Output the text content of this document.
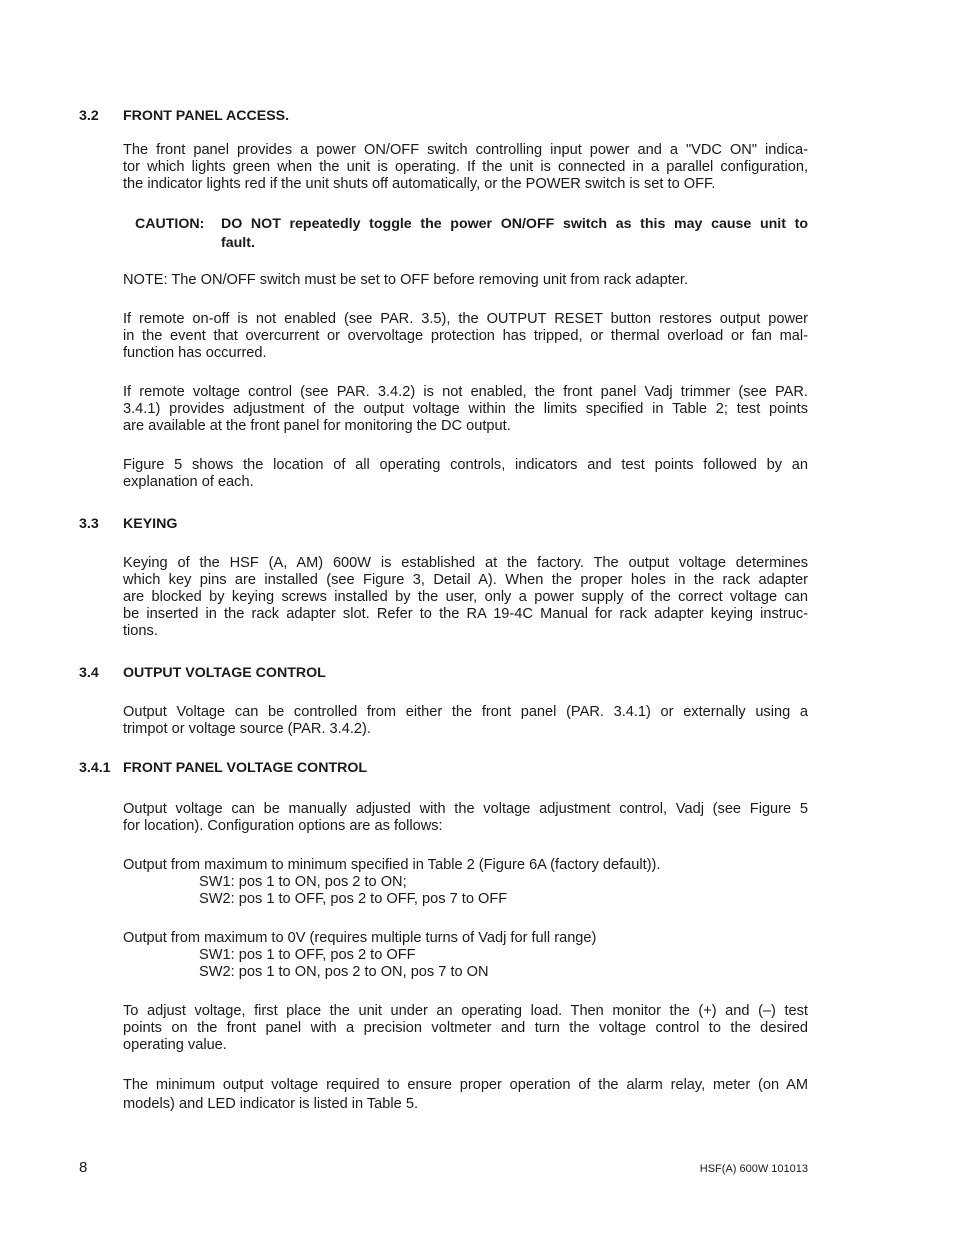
3.2 FRONT PANEL ACCESS.
The front panel provides a power ON/OFF switch controlling input power and a "VDC ON" indica-
tor which lights green when the unit is operating. If the unit is connected in a parallel configuration,
the indicator lights red if the unit shuts off automatically, or the POWER switch is set to OFF.
CAUTION: DO NOT repeatedly toggle the power ON/OFF switch as this may cause unit to
fault.
NOTE: The ON/OFF switch must be set to OFF before removing unit from rack adapter.
If remote on-off is not enabled (see PAR. 3.5), the OUTPUT RESET button restores output power
in the event that overcurrent or overvoltage protection has tripped, or thermal overload or fan mal-
function has occurred.
If remote voltage control (see PAR. 3.4.2) is not enabled, the front panel Vadj trimmer (see PAR.
3.4.1) provides adjustment of the output voltage within the limits specified in Table 2; test points
are available at the front panel for monitoring the DC output.
Figure 5 shows the location of all operating controls, indicators and test points followed by an
explanation of each.
3.3 KEYING
Keying of the HSF (A, AM) 600W is established at the factory. The output voltage determines
which key pins are installed (see Figure 3, Detail A). When the proper holes in the rack adapter
are blocked by keying screws installed by the user, only a power supply of the correct voltage can
be inserted in the rack adapter slot. Refer to the RA 19-4C Manual for rack adapter keying instruc-
tions.
3.4 OUTPUT VOLTAGE CONTROL
Output Voltage can be controlled from either the front panel (PAR. 3.4.1) or externally using a
trimpot or voltage source (PAR. 3.4.2).
3.4.1 FRONT PANEL VOLTAGE CONTROL
Output voltage can be manually adjusted with the voltage adjustment control, Vadj (see Figure 5
for location). Configuration options are as follows:
Output from maximum to minimum specified in Table 2 (Figure 6A (factory default)).
SW1: pos 1 to ON, pos 2 to ON;
SW2: pos 1 to OFF, pos 2 to OFF, pos 7 to OFF
Output from maximum to 0V (requires multiple turns of Vadj for full range)
SW1: pos 1 to OFF, pos 2 to OFF
SW2: pos 1 to ON, pos 2 to ON, pos 7 to ON
To adjust voltage, first place the unit under an operating load. Then monitor the (+) and (–) test
points on the front panel with a precision voltmeter and turn the voltage control to the desired
operating value.
The minimum output voltage required to ensure proper operation of the alarm relay, meter (on AM
models) and LED indicator is listed in Table 5.
8	HSF(A) 600W 101013
